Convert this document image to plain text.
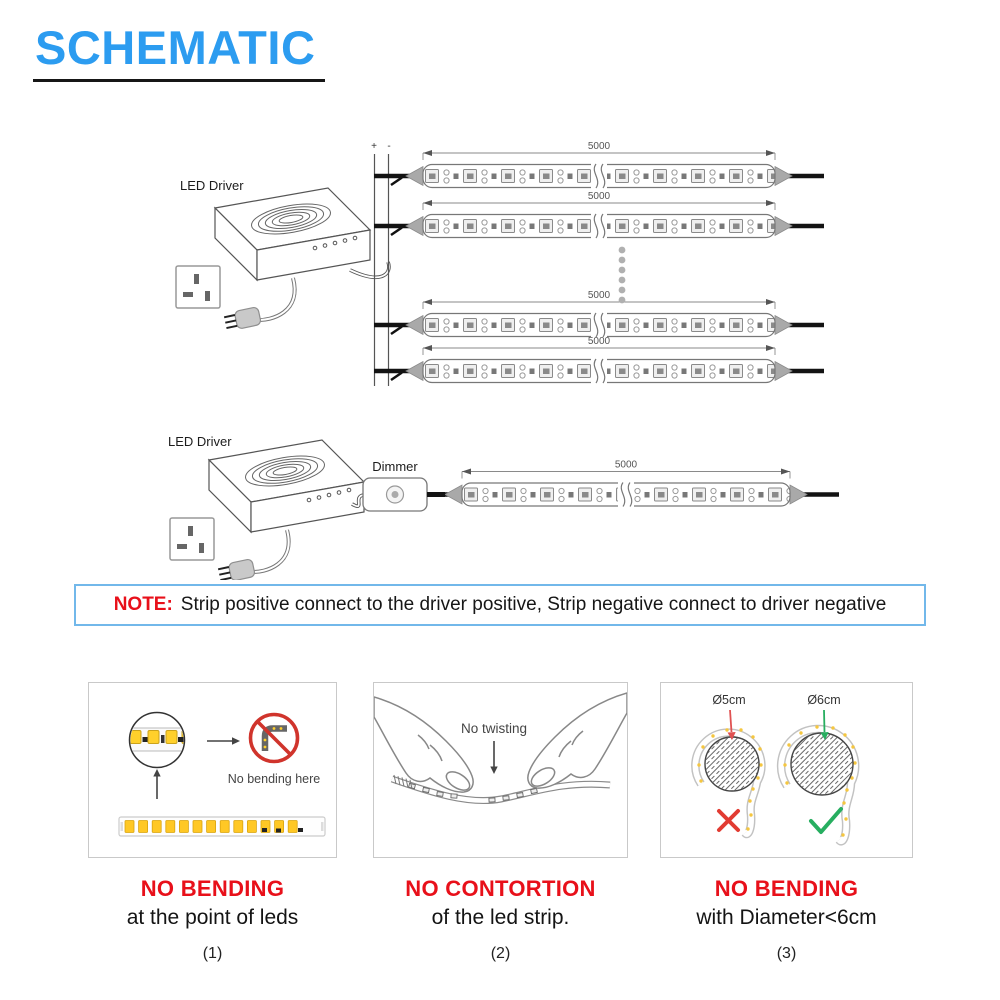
SCHEMATIC
5000
5000
5000
5000
5000
LED Driver
+ -
LED Driver
Dimmer
NOTE: Strip positive connect to the driver positive, Strip negative connect to driver negative
No bending here
No twisting
Ø5cm	Ø6cm
NO BENDING
at the point of leds
(1)
NO CONTORTION
of the led strip.
(2)
NO BENDING
with Diameter<6cm
(3)
